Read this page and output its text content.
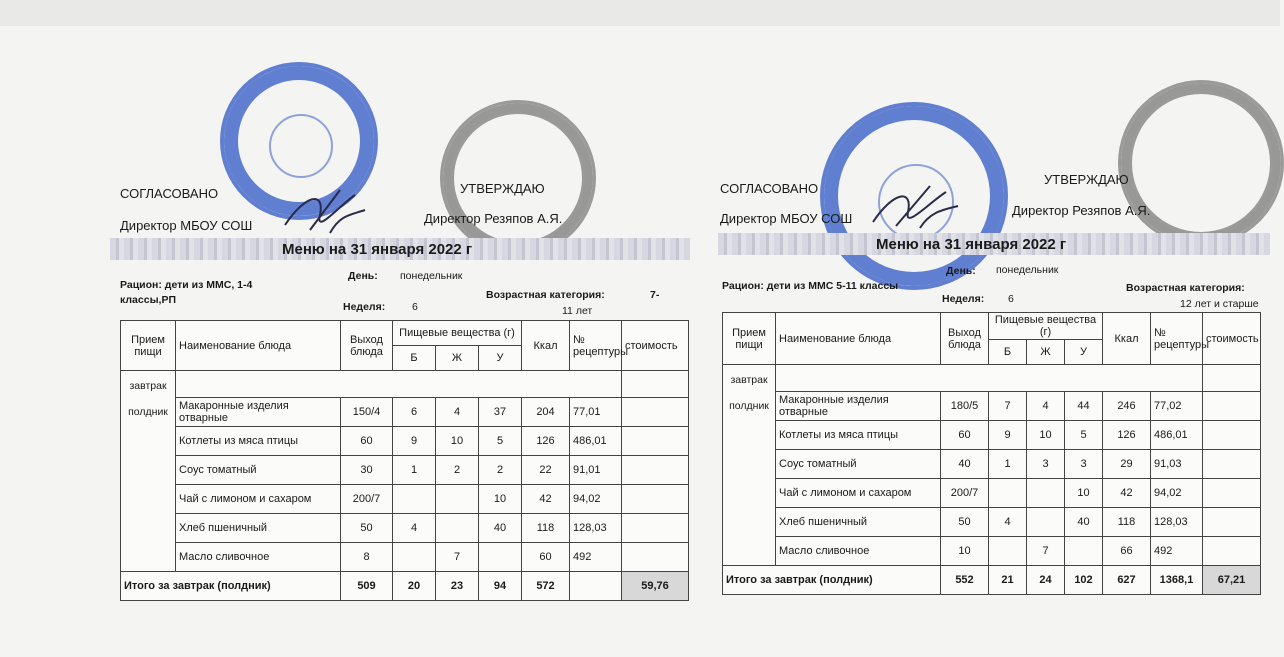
СОГЛАСОВАНО	УТВЕРЖДАЮ
Директор МБОУ СОШ	Директор Резяпов А.Я.
Меню на 31 января 2022 г
Рацион: дети из ММС, 1-4
классы,РП
День: понедельник
Неделя:	6
Возрастная категория:	7-
11 лет
Прием пищи	Наименование блюда	Выход блюда	Пищевые вещества (г)			Ккал	№ рецептуры	стоимость
			Б	Ж	У			

завтрак
полдник								

	Макаронные изделия отварные	150/4	6	4	37	204	77,01	
	Котлеты из мяса птицы	60	9	10	5	126	486,01	
	Соус томатный	30	1	2	2	22	91,01	
	Чай с лимоном и сахаром	200/7			10	42	94,02	
	Хлеб пшеничный	50	4		40	118	128,03	
	Масло сливочное	8		7		60	492	
Итого за завтрак (полдник)		509	20	23	94	572		59,76
СОГЛАСОВАНО
УТВЕРЖДАЮ
Директор МБОУ СОШ
Директор Резяпов А.Я.
Меню на 31 января 2022 г
Рацион: дети из ММС 5-11 классы
День: понедельник
Неделя: 6
Возрастная категория:
12 лет и старше
Прием пищи	Наименование блюда	Выход блюда	Пищевые вещества (г)			Ккал	№ рецептуры	стоимость
			Б	Ж	У			

завтрак
полдник								

	Макаронные изделия отварные	180/5	7	4	44	246	77,02	
	Котлеты из мяса птицы	60	9	10	5	126	486,01	
	Соус томатный	40	1	3	3	29	91,03	
	Чай с лимоном и сахаром	200/7			10	42	94,02	
	Хлеб пшеничный	50	4		40	118	128,03	
	Масло сливочное	10		7		66	492	
Итого за завтрак (полдник)		552	21	24	102	627	1368,1	67,21
